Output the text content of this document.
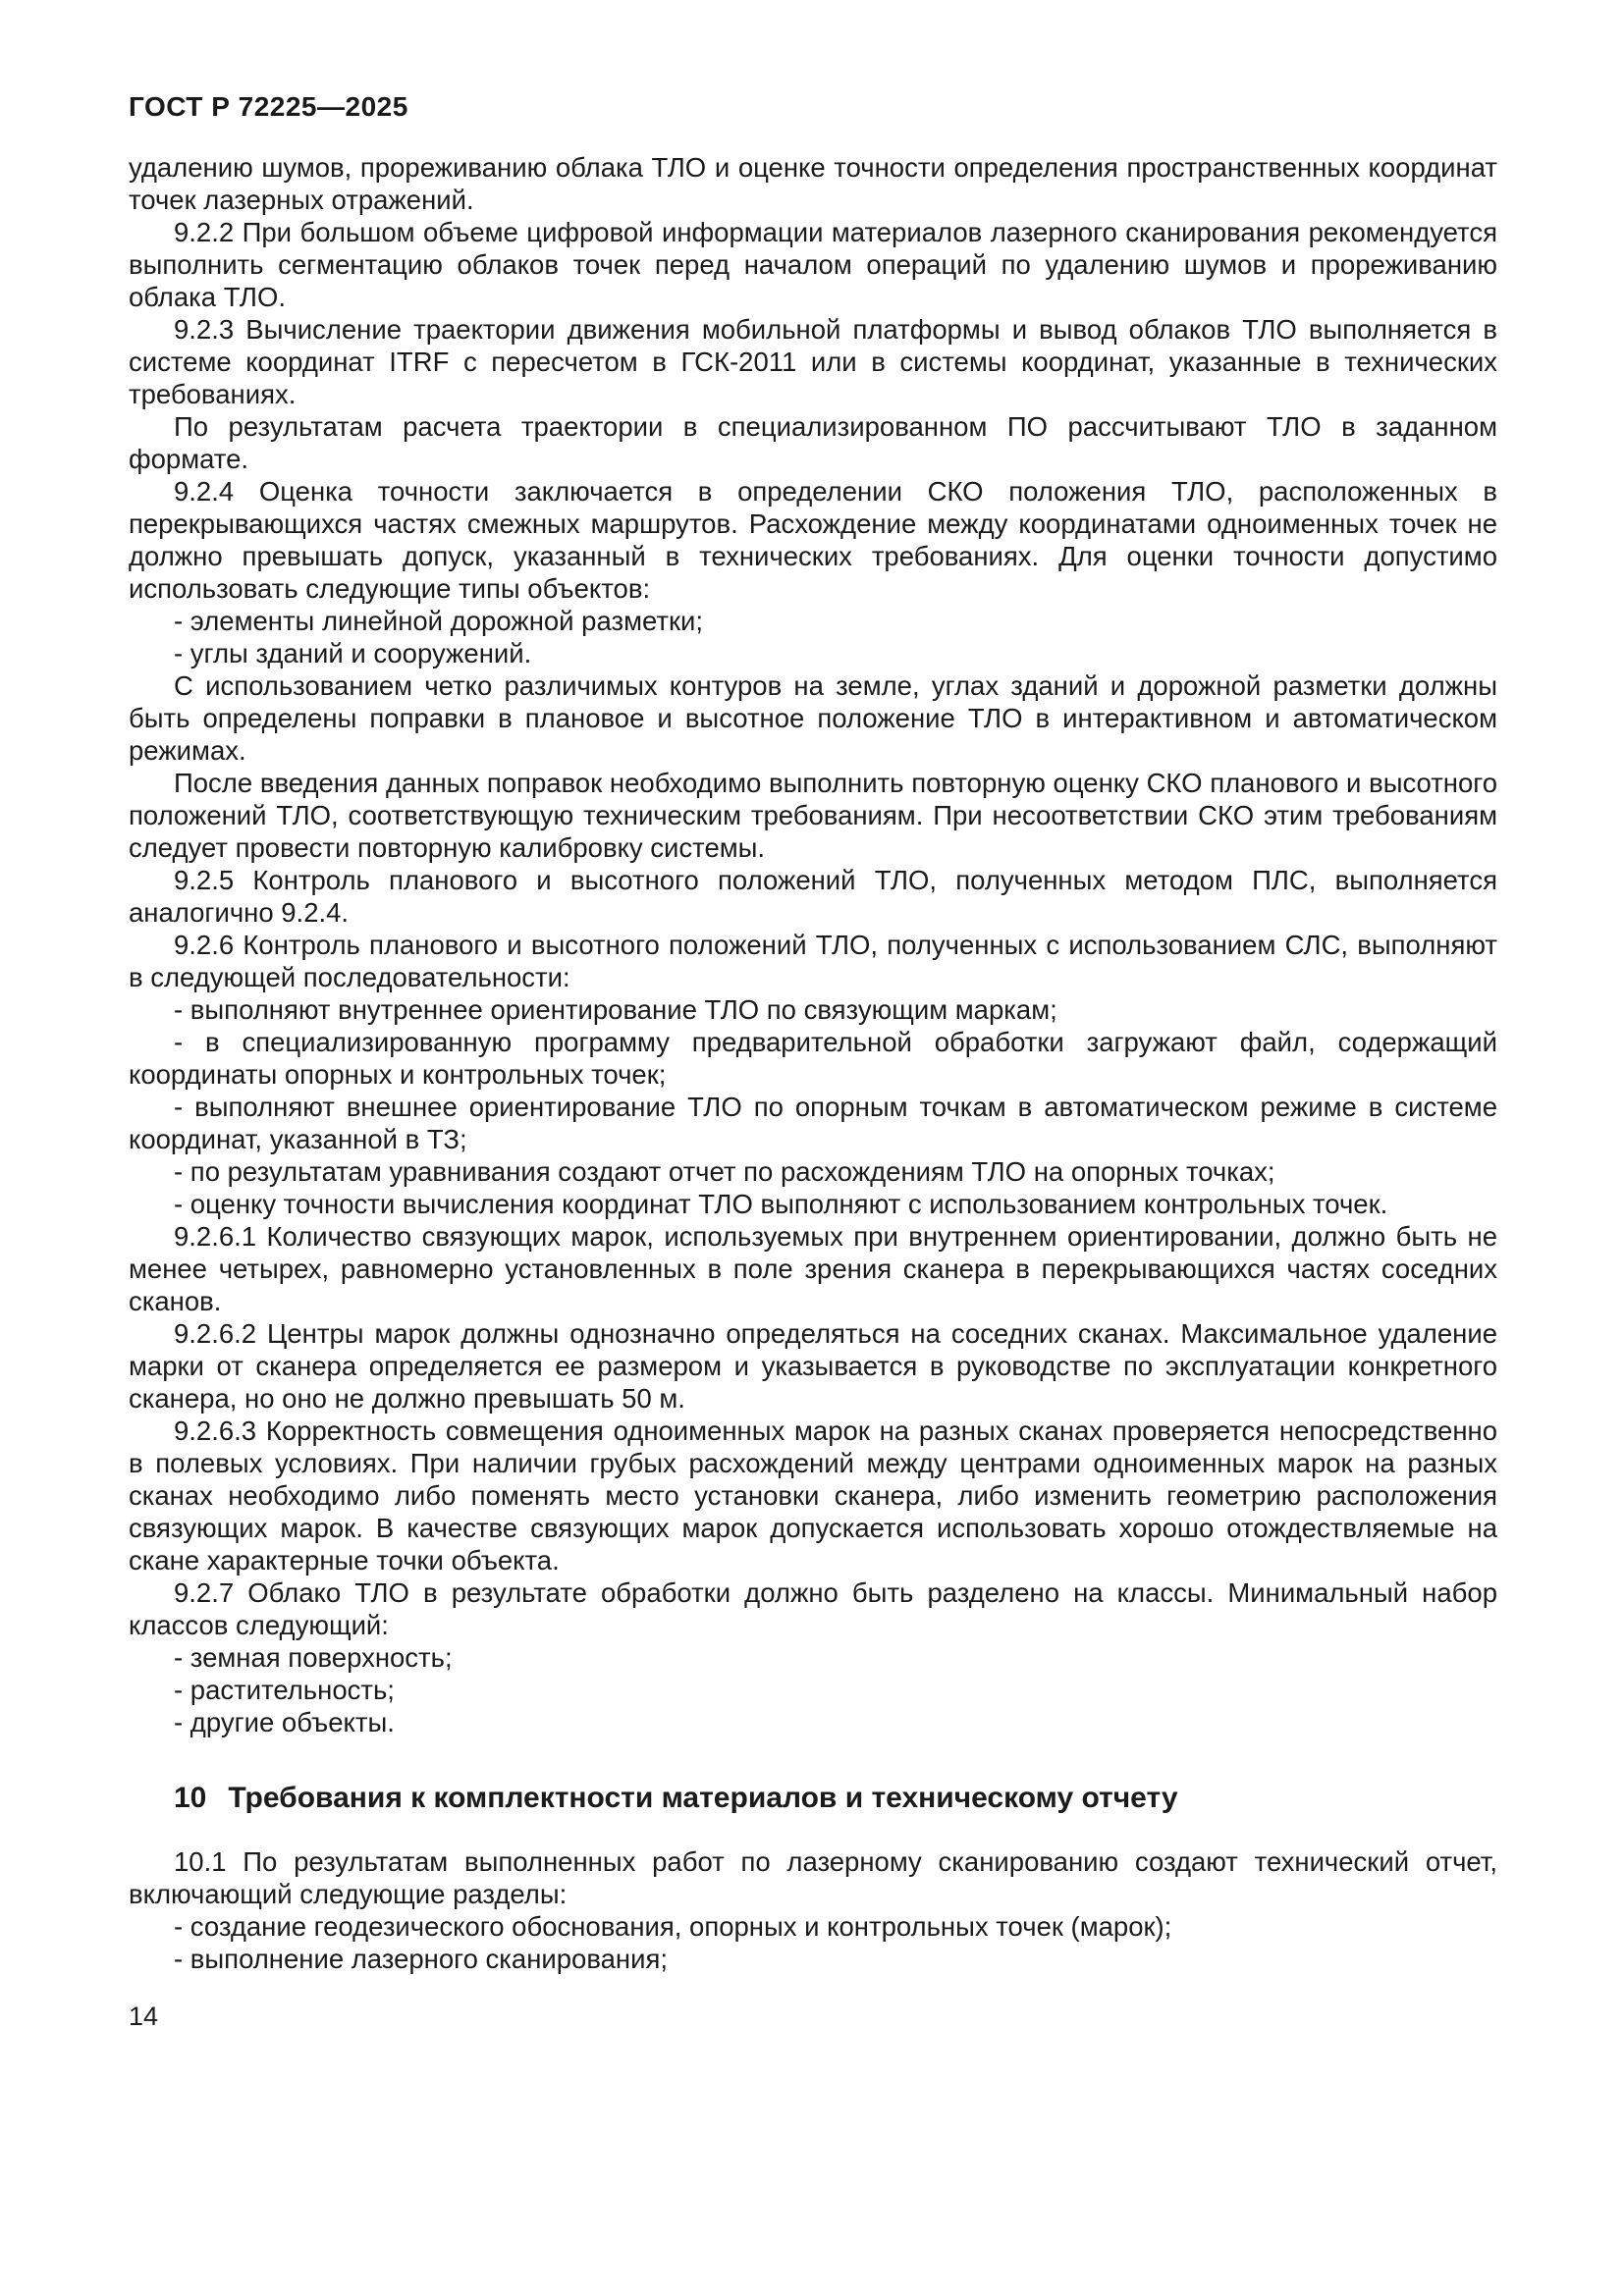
ГОСТ Р 72225—2025

удалению шумов, прореживанию облака ТЛО и оценке точности определения пространственных координат точек лазерных отражений.

9.2.2 При большом объеме цифровой информации материалов лазерного сканирования рекомендуется выполнить сегментацию облаков точек перед началом операций по удалению шумов и прореживанию облака ТЛО.

9.2.3 Вычисление траектории движения мобильной платформы и вывод облаков ТЛО выполняется в системе координат ITRF с пересчетом в ГСК-2011 или в системы координат, указанные в технических требованиях.

По результатам расчета траектории в специализированном ПО рассчитывают ТЛО в заданном формате.

9.2.4 Оценка точности заключается в определении СКО положения ТЛО, расположенных в перекрывающихся частях смежных маршрутов. Расхождение между координатами одноименных точек не должно превышать допуск, указанный в технических требованиях. Для оценки точности допустимо использовать следующие типы объектов:

- элементы линейной дорожной разметки;

- углы зданий и сооружений.

С использованием четко различимых контуров на земле, углах зданий и дорожной разметки должны быть определены поправки в плановое и высотное положение ТЛО в интерактивном и автоматическом режимах.

После введения данных поправок необходимо выполнить повторную оценку СКО планового и высотного положений ТЛО, соответствующую техническим требованиям. При несоответствии СКО этим требованиям следует провести повторную калибровку системы.

9.2.5 Контроль планового и высотного положений ТЛО, полученных методом ПЛС, выполняется аналогично 9.2.4.

9.2.6 Контроль планового и высотного положений ТЛО, полученных с использованием СЛС, выполняют в следующей последовательности:

- выполняют внутреннее ориентирование ТЛО по связующим маркам;

- в специализированную программу предварительной обработки загружают файл, содержащий координаты опорных и контрольных точек;

- выполняют внешнее ориентирование ТЛО по опорным точкам в автоматическом режиме в системе координат, указанной в ТЗ;

- по результатам уравнивания создают отчет по расхождениям ТЛО на опорных точках;

- оценку точности вычисления координат ТЛО выполняют с использованием контрольных точек.

9.2.6.1 Количество связующих марок, используемых при внутреннем ориентировании, должно быть не менее четырех, равномерно установленных в поле зрения сканера в перекрывающихся частях соседних сканов.

9.2.6.2 Центры марок должны однозначно определяться на соседних сканах. Максимальное удаление марки от сканера определяется ее размером и указывается в руководстве по эксплуатации конкретного сканера, но оно не должно превышать 50 м.

9.2.6.3 Корректность совмещения одноименных марок на разных сканах проверяется непосредственно в полевых условиях. При наличии грубых расхождений между центрами одноименных марок на разных сканах необходимо либо поменять место установки сканера, либо изменить геометрию расположения связующих марок. В качестве связующих марок допускается использовать хорошо отождествляемые на скане характерные точки объекта.

9.2.7 Облако ТЛО в результате обработки должно быть разделено на классы. Минимальный набор классов следующий:

- земная поверхность;

- растительность;

- другие объекты.

10 Требования к комплектности материалов и техническому отчету

10.1 По результатам выполненных работ по лазерному сканированию создают технический отчет, включающий следующие разделы:

- создание геодезического обоснования, опорных и контрольных точек (марок);

- выполнение лазерного сканирования;

14
